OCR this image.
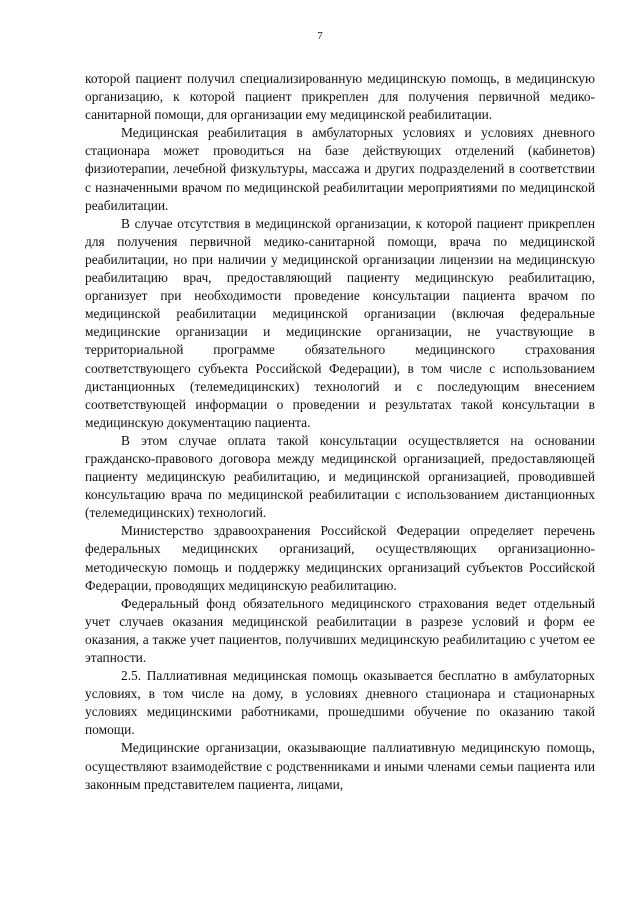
7

которой пациент получил специализированную медицинскую помощь, в медицинскую организацию, к которой пациент прикреплен для получения первичной медико-санитарной помощи, для организации ему медицинской реабилитации.

Медицинская реабилитация в амбулаторных условиях и условиях дневного стационара может проводиться на базе действующих отделений (кабинетов) физиотерапии, лечебной физкультуры, массажа и других подразделений в соответствии с назначенными врачом по медицинской реабилитации мероприятиями по медицинской реабилитации.

В случае отсутствия в медицинской организации, к которой пациент прикреплен для получения первичной медико-санитарной помощи, врача по медицинской реабилитации, но при наличии у медицинской организации лицензии на медицинскую реабилитацию врач, предоставляющий пациенту медицинскую реабилитацию, организует при необходимости проведение консультации пациента врачом по медицинской реабилитации медицинской организации (включая федеральные медицинские организации и медицинские организации, не участвующие в территориальной программе обязательного медицинского страхования соответствующего субъекта Российской Федерации), в том числе с использованием дистанционных (телемедицинских) технологий и с последующим внесением соответствующей информации о проведении и результатах такой консультации в медицинскую документацию пациента.

В этом случае оплата такой консультации осуществляется на основании гражданско-правового договора между медицинской организацией, предоставляющей пациенту медицинскую реабилитацию, и медицинской организацией, проводившей консультацию врача по медицинской реабилитации с использованием дистанционных (телемедицинских) технологий.

Министерство здравоохранения Российской Федерации определяет перечень федеральных медицинских организаций, осуществляющих организационно-методическую помощь и поддержку медицинских организаций субъектов Российской Федерации, проводящих медицинскую реабилитацию.

Федеральный фонд обязательного медицинского страхования ведет отдельный учет случаев оказания медицинской реабилитации в разрезе условий и форм ее оказания, а также учет пациентов, получивших медицинскую реабилитацию с учетом ее этапности.

2.5. Паллиативная медицинская помощь оказывается бесплатно в амбулаторных условиях, в том числе на дому, в условиях дневного стационара и стационарных условиях медицинскими работниками, прошедшими обучение по оказанию такой помощи.

Медицинские организации, оказывающие паллиативную медицинскую помощь, осуществляют взаимодействие с родственниками и иными членами семьи пациента или законным представителем пациента, лицами,
